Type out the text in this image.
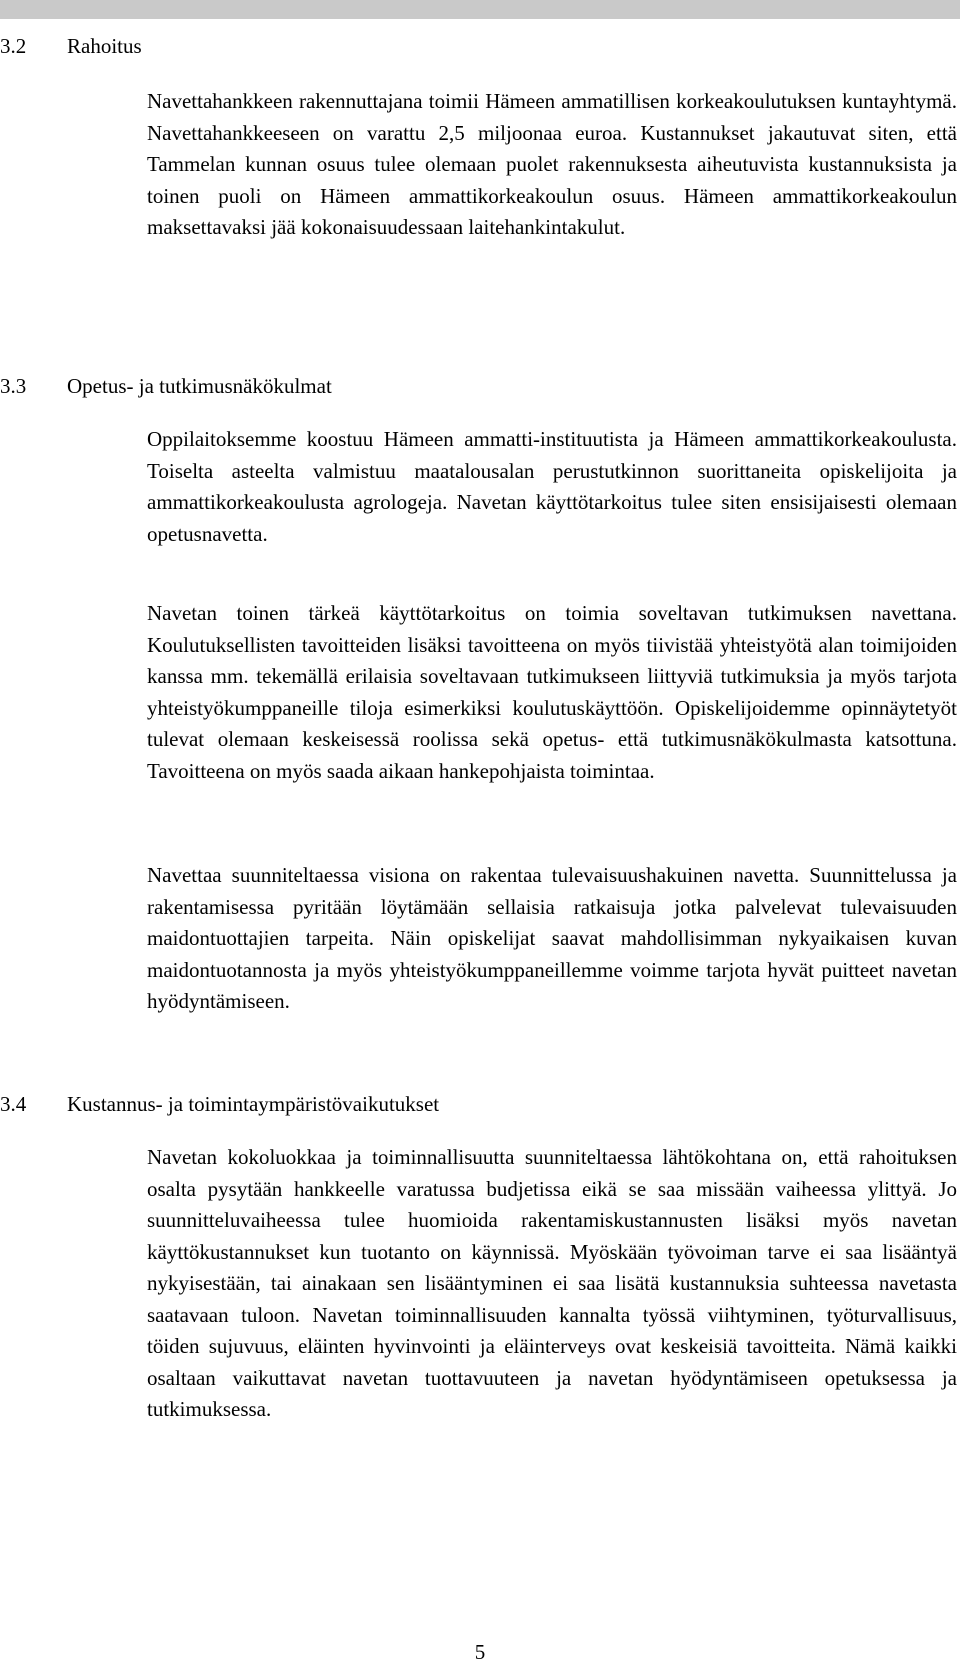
3.2 Rahoitus

Navettahankkeen rakennuttajana toimii Hämeen ammatillisen korkeakoulutuksen kuntayhtymä. Navettahankkeeseen on varattu 2,5 miljoonaa euroa. Kustannukset jakautuvat siten, että Tammelan kunnan osuus tulee olemaan puolet rakennuksesta aiheutuvista kustannuksista ja toinen puoli on Hämeen ammattikorkeakoulun osuus. Hämeen ammattikorkeakoulun maksettavaksi jää kokonaisuudessaan laitehankintakulut.

3.3 Opetus- ja tutkimusnäkökulmat

Oppilaitoksemme koostuu Hämeen ammatti-instituutista ja Hämeen ammattikorkeakoulusta. Toiselta asteelta valmistuu maatalousalan perustutkinnon suorittaneita opiskelijoita ja ammattikorkeakoulusta agrologeja. Navetan käyttötarkoitus tulee siten ensisijaisesti olemaan opetusnavetta.

Navetan toinen tärkeä käyttötarkoitus on toimia soveltavan tutkimuksen navettana. Koulutuksellisten tavoitteiden lisäksi tavoitteena on myös tiivistää yhteistyötä alan toimijoiden kanssa mm. tekemällä erilaisia soveltavaan tutkimukseen liittyviä tutkimuksia ja myös tarjota yhteistyökumppaneille tiloja esimerkiksi koulutuskäyttöön. Opiskelijoidemme opinnäytetyöt tulevat olemaan keskeisessä roolissa sekä opetus- että tutkimusnäkökulmasta katsottuna. Tavoitteena on myös saada aikaan hankepohjaista toimintaa.

Navettaa suunniteltaessa visiona on rakentaa tulevaisuushakuinen navetta. Suunnittelussa ja rakentamisessa pyritään löytämään sellaisia ratkaisuja jotka palvelevat tulevaisuuden maidontuottajien tarpeita. Näin opiskelijat saavat mahdollisimman nykyaikaisen kuvan maidontuotannosta ja myös yhteistyökumppaneillemme voimme tarjota hyvät puitteet navetan hyödyntämiseen.

3.4 Kustannus- ja toimintaympäristövaikutukset

Navetan kokoluokkaa ja toiminnallisuutta suunniteltaessa lähtökohtana on, että rahoituksen osalta pysytään hankkeelle varatussa budjetissa eikä se saa missään vaiheessa ylittyä. Jo suunnitteluvaiheessa tulee huomioida rakentamiskustannusten lisäksi myös navetan käyttökustannukset kun tuotanto on käynnissä. Myöskään työvoiman tarve ei saa lisääntyä nykyisestään, tai ainakaan sen lisääntyminen ei saa lisätä kustannuksia suhteessa navetasta saatavaan tuloon. Navetan toiminnallisuuden kannalta työssä viihtyminen, työturvallisuus, töiden sujuvuus, eläinten hyvinvointi ja eläinterveys ovat keskeisiä tavoitteita. Nämä kaikki osaltaan vaikuttavat navetan tuottavuuteen ja navetan hyödyntämiseen opetuksessa ja tutkimuksessa.

5
